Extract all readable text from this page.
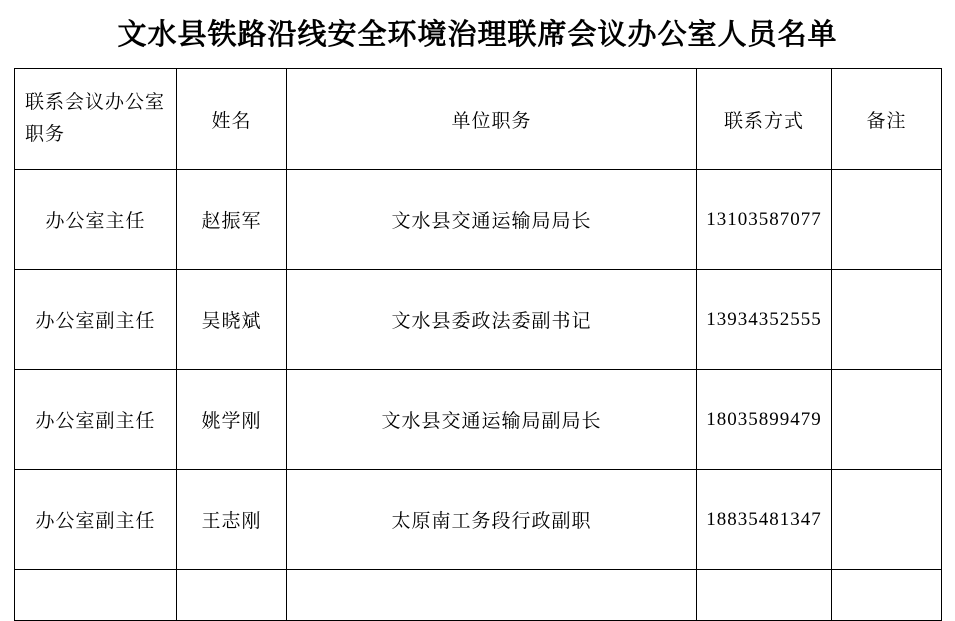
文水县铁路沿线安全环境治理联席会议办公室人员名单
联系会议办公室职务	姓名	单位职务	联系方式	备注
办公室主任	赵振军	文水县交通运输局局长	13103587077	
办公室副主任	吴晓斌	文水县委政法委副书记	13934352555	
办公室副主任	姚学刚	文水县交通运输局副局长	18035899479	
办公室副主任	王志刚	太原南工务段行政副职	18835481347	
